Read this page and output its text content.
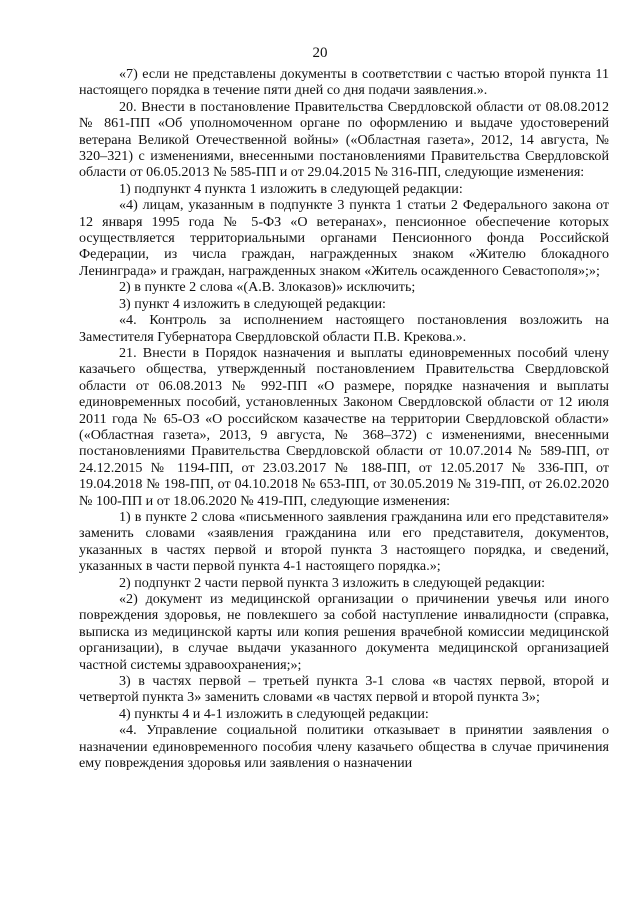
20

«7) если не представлены документы в соответствии с частью второй пункта 11 настоящего порядка в течение пяти дней со дня подачи заявления.».

20. Внести в постановление Правительства Свердловской области от 08.08.2012 № 861-ПП «Об уполномоченном органе по оформлению и выдаче удостоверений ветерана Великой Отечественной войны» («Областная газета», 2012, 14 августа, № 320–321) с изменениями, внесенными постановлениями Правительства Свердловской области от 06.05.2013 № 585-ПП и от 29.04.2015 № 316-ПП, следующие изменения:

1) подпункт 4 пункта 1 изложить в следующей редакции:

«4) лицам, указанным в подпункте 3 пункта 1 статьи 2 Федерального закона от 12 января 1995 года № 5-ФЗ «О ветеранах», пенсионное обеспечение которых осуществляется территориальными органами Пенсионного фонда Российской Федерации, из числа граждан, награжденных знаком «Жителю блокадного Ленинграда» и граждан, награжденных знаком «Житель осажденного Севастополя»;»;

2) в пункте 2 слова «(А.В. Злоказов)» исключить;

3) пункт 4 изложить в следующей редакции:

«4. Контроль за исполнением настоящего постановления возложить на Заместителя Губернатора Свердловской области П.В. Крекова.».

21. Внести в Порядок назначения и выплаты единовременных пособий члену казачьего общества, утвержденный постановлением Правительства Свердловской области от 06.08.2013 № 992-ПП «О размере, порядке назначения и выплаты единовременных пособий, установленных Законом Свердловской области от 12 июля 2011 года № 65-ОЗ «О российском казачестве на территории Свердловской области» («Областная газета», 2013, 9 августа, № 368–372) с изменениями, внесенными постановлениями Правительства Свердловской области от 10.07.2014 № 589-ПП, от 24.12.2015 № 1194-ПП, от 23.03.2017 № 188-ПП, от 12.05.2017 № 336-ПП, от 19.04.2018 № 198-ПП, от 04.10.2018 № 653-ПП, от 30.05.2019 № 319-ПП, от 26.02.2020 № 100-ПП и от 18.06.2020 № 419-ПП, следующие изменения:

1) в пункте 2 слова «письменного заявления гражданина или его представителя» заменить словами «заявления гражданина или его представителя, документов, указанных в частях первой и второй пункта 3 настоящего порядка, и сведений, указанных в части первой пункта 4-1 настоящего порядка.»;

2) подпункт 2 части первой пункта 3 изложить в следующей редакции:

«2) документ из медицинской организации о причинении увечья или иного повреждения здоровья, не повлекшего за собой наступление инвалидности (справка, выписка из медицинской карты или копия решения врачебной комиссии медицинской организации), в случае выдачи указанного документа медицинской организацией частной системы здравоохранения;»;

3) в частях первой – третьей пункта 3-1 слова «в частях первой, второй и четвертой пункта 3» заменить словами «в частях первой и второй пункта 3»;

4) пункты 4 и 4-1 изложить в следующей редакции:

«4. Управление социальной политики отказывает в принятии заявления о назначении единовременного пособия члену казачьего общества в случае причинения ему повреждения здоровья или заявления о назначении
